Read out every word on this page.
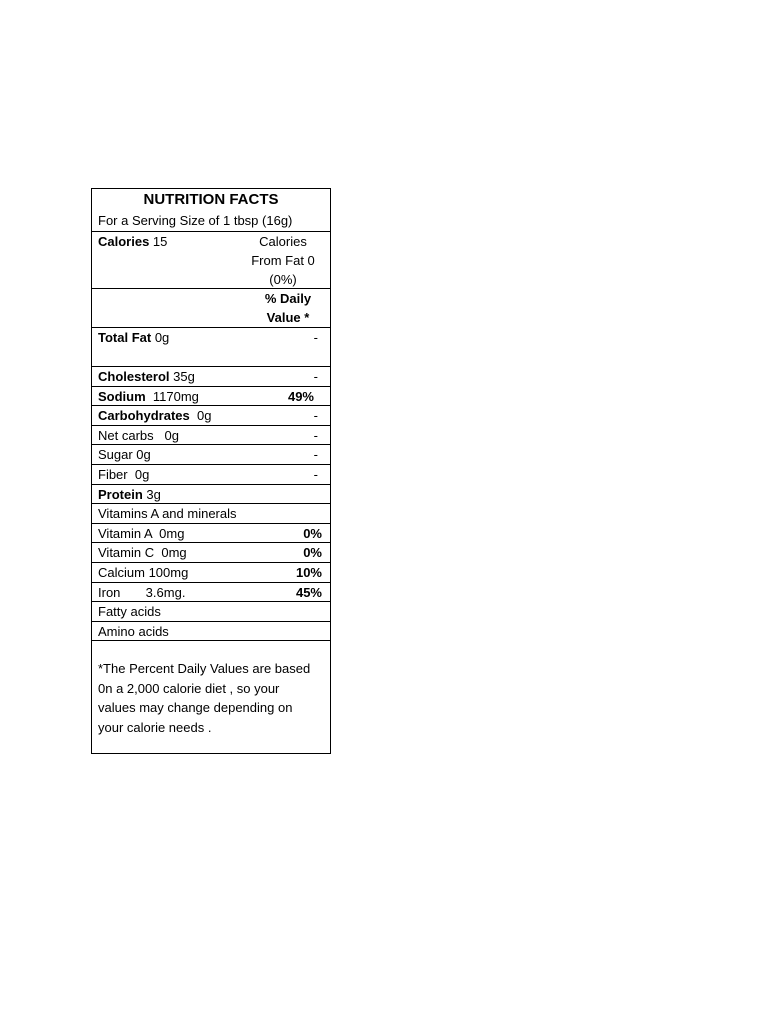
NUTRITION FACTS
For a Serving Size of 1 tbsp (16g)
Calories 15	Calories
From Fat 0
(0%)
% Daily
Value *
Total Fat 0g	-
Cholesterol 35g	-
Sodium  1170mg	49%
Carbohydrates  0g	-
Net carbs   0g	-
Sugar 0g	-
Fiber  0g	-
Protein 3g
Vitamins A and minerals
Vitamin A  0mg	0%
Vitamin C  0mg	0%
Calcium 100mg	10%
Iron       3.6mg.	45%
Fatty acids
Amino acids
*The Percent Daily Values are based
0n a 2,000 calorie diet , so your
values may change depending on
your calorie needs .
